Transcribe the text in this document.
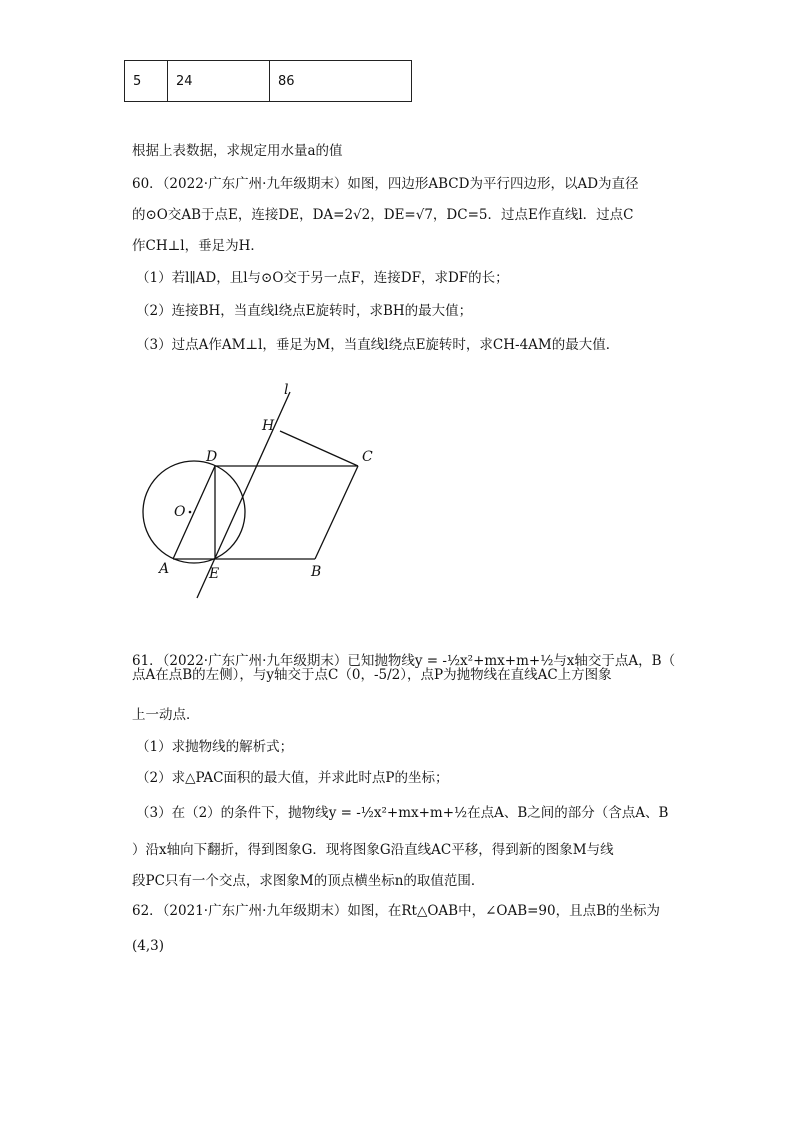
5	24	86
根据上表数据，求规定用水量a的值
60．（2022·广东广州·九年级期末）如图，四边形ABCD为平行四边形，以AD为直径
的⊙O交AB于点E，连接DE，DA=2√2，DE=√7，DC=5．过点E作直线l．过点C
作CH⊥l，垂足为H．
（1）若l∥AD，且l与⊙O交于另一点F，连接DF，求DF的长；
（2）连接BH，当直线l绕点E旋转时，求BH的最大值；
（3）过点A作AM⊥l，垂足为M，当直线l绕点E旋转时，求CH-4AM的最大值．
l
H
D	C
O
A	E	B
61．（2022·广东广州·九年级期末）已知抛物线y = -½x²+mx+m+½与x轴交于点A，B（
点A在点B的左侧），与y轴交于点C（0，-5/2），点P为抛物线在直线AC上方图象
上一动点．
（1）求抛物线的解析式；
（2）求△PAC面积的最大值，并求此时点P的坐标；
（3）在（2）的条件下，抛物线y = -½x²+mx+m+½在点A、B之间的部分（含点A、B
）沿x轴向下翻折，得到图象G．现将图象G沿直线AC平移，得到新的图象M与线
段PC只有一个交点，求图象M的顶点横坐标n的取值范围．
62．（2021·广东广州·九年级期末）如图，在Rt△OAB中，∠OAB=90，且点B的坐标为
(4,3)
